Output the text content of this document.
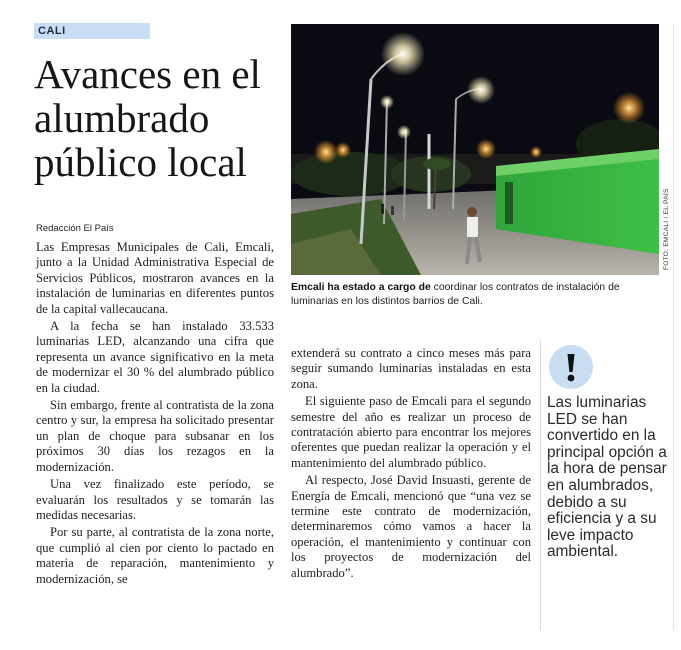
CALI
Avances en el alumbrado público local
Redacción El País

Las Empresas Municipales de Cali, Emcali, junto a la Unidad Administrativa Especial de Servicios Públicos, mostraron avances en la instalación de luminarias en diferentes puntos de la capital vallecaucana.

A la fecha se han instalado 33.533 luminarias LED, alcanzando una cifra que representa un avance significativo en la meta de modernizar el 30 % del alumbrado público en la ciudad.

Sin embargo, frente al contratista de la zona centro y sur, la empresa ha solicitado presentar un plan de choque para subsanar en los próximos 30 días los rezagos en la modernización.

Una vez finalizado este período, se evaluarán los resultados y se tomarán las medidas necesarias.

Por su parte, al contratista de la zona norte, que cumplió al cien por ciento lo pactado en materia de reparación, mantenimiento y modernización, se

extenderá su contrato a cinco meses más para seguir sumando luminarias instaladas en esta zona.

El siguiente paso de Emcali para el segundo semestre del año es realizar un proceso de contratación abierto para encontrar los mejores oferentes que puedan realizar la operación y el mantenimiento del alumbrado público.

Al respecto, José David Insuasti, gerente de Energía de Emcali, mencionó que “una vez se termine este contrato de modernización, determinaremos cómo vamos a hacer la operación, el mantenimiento y continuar con los proyectos de modernización del alumbrado”.

FOTO: EMCALI / EL PAÍS
Emcali ha estado a cargo de coordinar los contratos de instalación de luminarias en los distintos barrios de Cali.
Las luminarias LED se han convertido en la principal opción a la hora de pensar en alumbrados, debido a su eficiencia y a su leve impacto ambiental.
